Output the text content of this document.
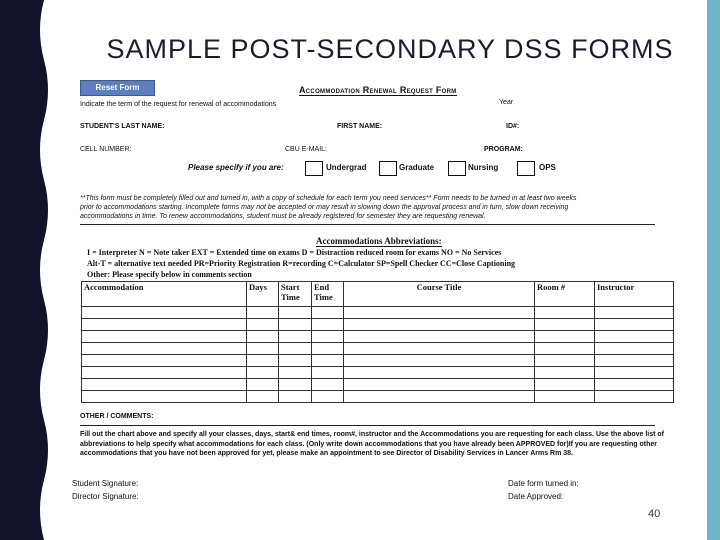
SAMPLE POST-SECONDARY DSS FORMS
Reset Form	Accommodation Renewal Request Form
Indicate the term of the request for renewal of accommodations	Year
STUDENT'S LAST NAME:	FIRST NAME:	ID#:
CELL NUMBER:	CBU E-MAIL:	PROGRAM:
Please specify if you are:	Undergrad	Graduate	Nursing	OPS
**This form must be completely filled out and turned in, with a copy of schedule for each term you need services** Form needs to be turned in at least two weeks
prior to accommodations starting. Incomplete forms may not be accepted or may result in slowing down the approval process and in turn, slow down receiving
accommodations in time. To renew accommodations, student must be already registered for semester they are requesting renewal.
Accommodations Abbreviations:
I = Interpreter N = Note taker EXT = Extended time on exams D = Distraction reduced room for exams NO = No Services
Alt-T = alternative text needed PR=Priority Registration R=recording C=Calculator SP=Spell Checker CC=Close Captioning
Other: Please specify below in comments section
Accommodation	Days	Start Time	End Time	Course Title	Room #	Instructor

OTHER / COMMENTS:
Fill out the chart above and specify all your classes, days, start& end times, room#, instructor and the Accommodations you are requesting for each class. Use the above list of
abbreviations to help specify what accommodations for each class. (Only write down accommodations that you have already been APPROVED for)If you are requesting other
accommodations that you have not been approved for yet, please make an appointment to see Director of Disability Services in Lancer Arms Rm 38.
Student Signature:
Director Signature:
Date form turned in:
Date Approved:
40
